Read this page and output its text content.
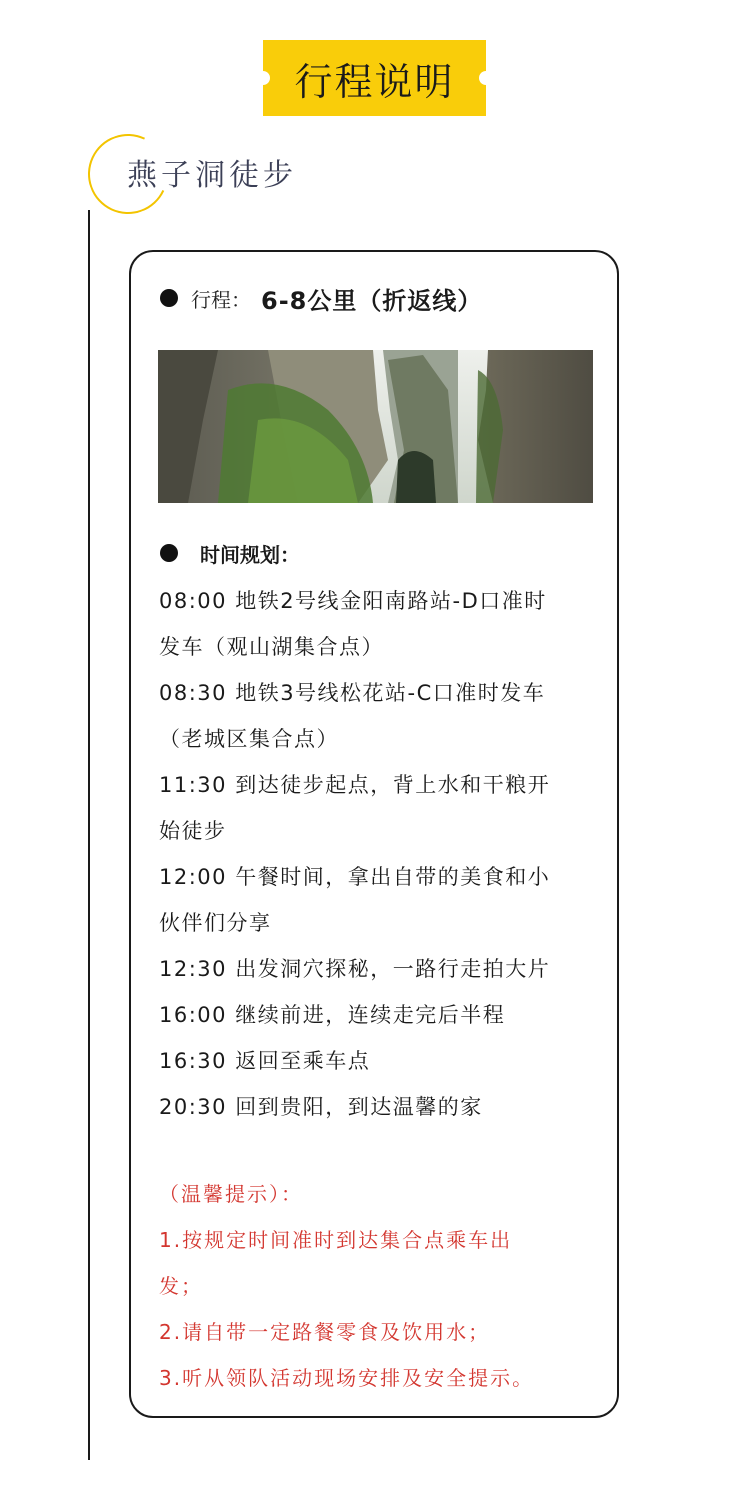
行程说明
燕子洞徒步
行程： 6-8公里（折返线）
时间规划：
08:00 地铁2号线金阳南路站-D口准时
发车（观山湖集合点）
08:30 地铁3号线松花站-C口准时发车
（老城区集合点）
11:30 到达徒步起点，背上水和干粮开
始徒步
12:00 午餐时间，拿出自带的美食和小
伙伴们分享
12:30 出发洞穴探秘，一路行走拍大片
16:00 继续前进，连续走完后半程
16:30 返回至乘车点
20:30 回到贵阳，到达温馨的家
（温馨提示）：
1.按规定时间准时到达集合点乘车出
发；
2.请自带一定路餐零食及饮用水；
3.听从领队活动现场安排及安全提示。
